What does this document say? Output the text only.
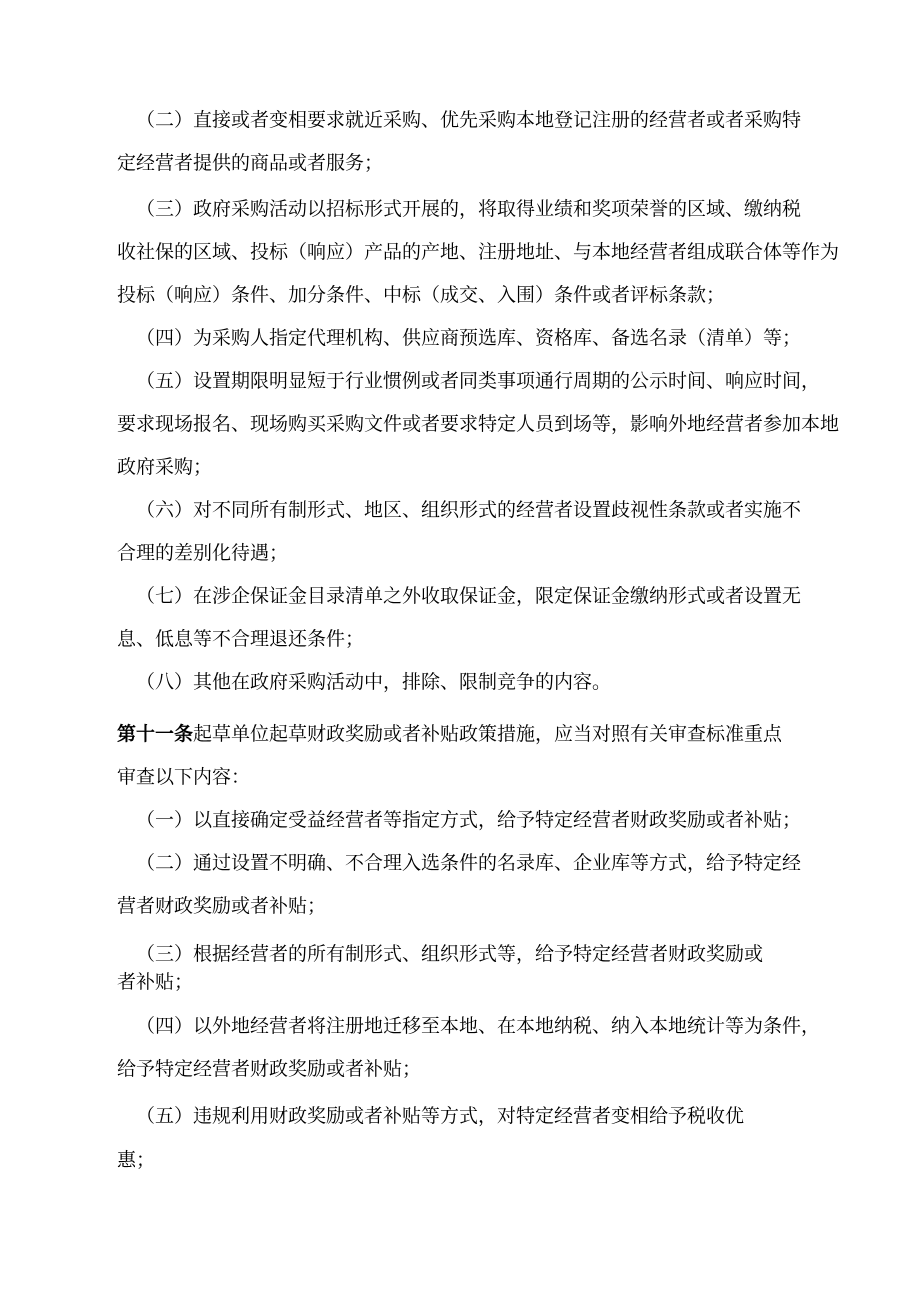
（二）直接或者变相要求就近采购、优先采购本地登记注册的经营者或者采购特
定经营者提供的商品或者服务；
（三）政府采购活动以招标形式开展的，将取得业绩和奖项荣誉的区域、缴纳税
收社保的区域、投标（响应）产品的产地、注册地址、与本地经营者组成联合体等作为
投标（响应）条件、加分条件、中标（成交、入围）条件或者评标条款；
（四）为采购人指定代理机构、供应商预选库、资格库、备选名录（清单）等；
（五）设置期限明显短于行业惯例或者同类事项通行周期的公示时间、响应时间，
要求现场报名、现场购买采购文件或者要求特定人员到场等，影响外地经营者参加本地
政府采购；
（六）对不同所有制形式、地区、组织形式的经营者设置歧视性条款或者实施不
合理的差别化待遇；
（七）在涉企保证金目录清单之外收取保证金，限定保证金缴纳形式或者设置无
息、低息等不合理退还条件；
（八）其他在政府采购活动中，排除、限制竞争的内容。
第十一条起草单位起草财政奖励或者补贴政策措施，应当对照有关审查标准重点
审查以下内容：
（一）以直接确定受益经营者等指定方式，给予特定经营者财政奖励或者补贴；
（二）通过设置不明确、不合理入选条件的名录库、企业库等方式，给予特定经
营者财政奖励或者补贴；
（三）根据经营者的所有制形式、组织形式等，给予特定经营者财政奖励或
者补贴；
（四）以外地经营者将注册地迁移至本地、在本地纳税、纳入本地统计等为条件，
给予特定经营者财政奖励或者补贴；
（五）违规利用财政奖励或者补贴等方式，对特定经营者变相给予税收优
惠；
